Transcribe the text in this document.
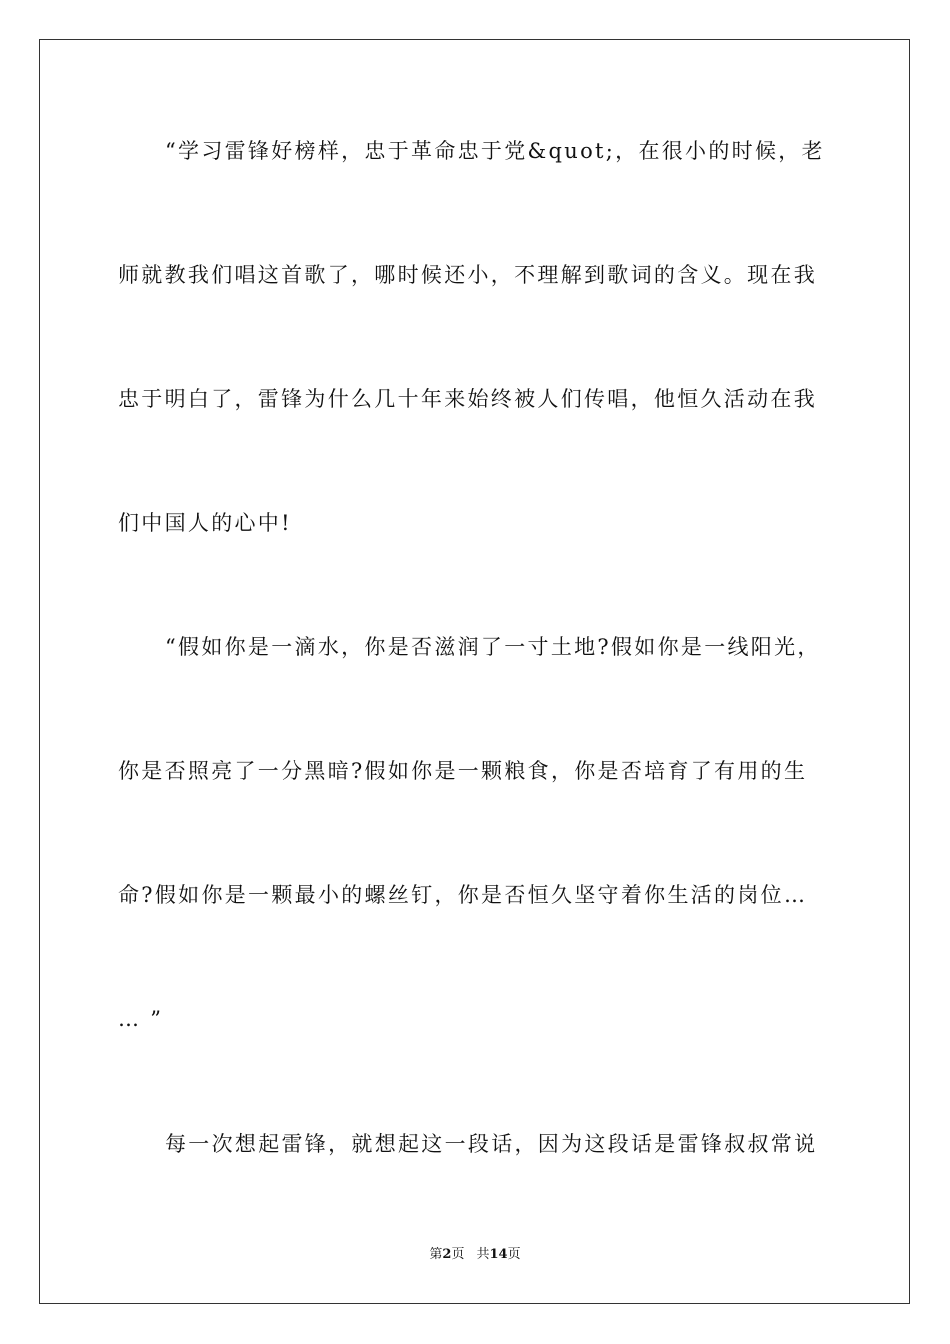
“学习雷锋好榜样，忠于革命忠于党&quot;，在很小的时候，老
师就教我们唱这首歌了，哪时候还小，不理解到歌词的含义。现在我
忠于明白了，雷锋为什么几十年来始终被人们传唱，他恒久活动在我
们中国人的心中!
“假如你是一滴水，你是否滋润了一寸土地?假如你是一线阳光，
你是否照亮了一分黑暗?假如你是一颗粮食，你是否培育了有用的生
命?假如你是一颗最小的螺丝钉，你是否恒久坚守着你生活的岗位…
… ”
每一次想起雷锋，就想起这一段话，因为这段话是雷锋叔叔常说
第2页 共14页
